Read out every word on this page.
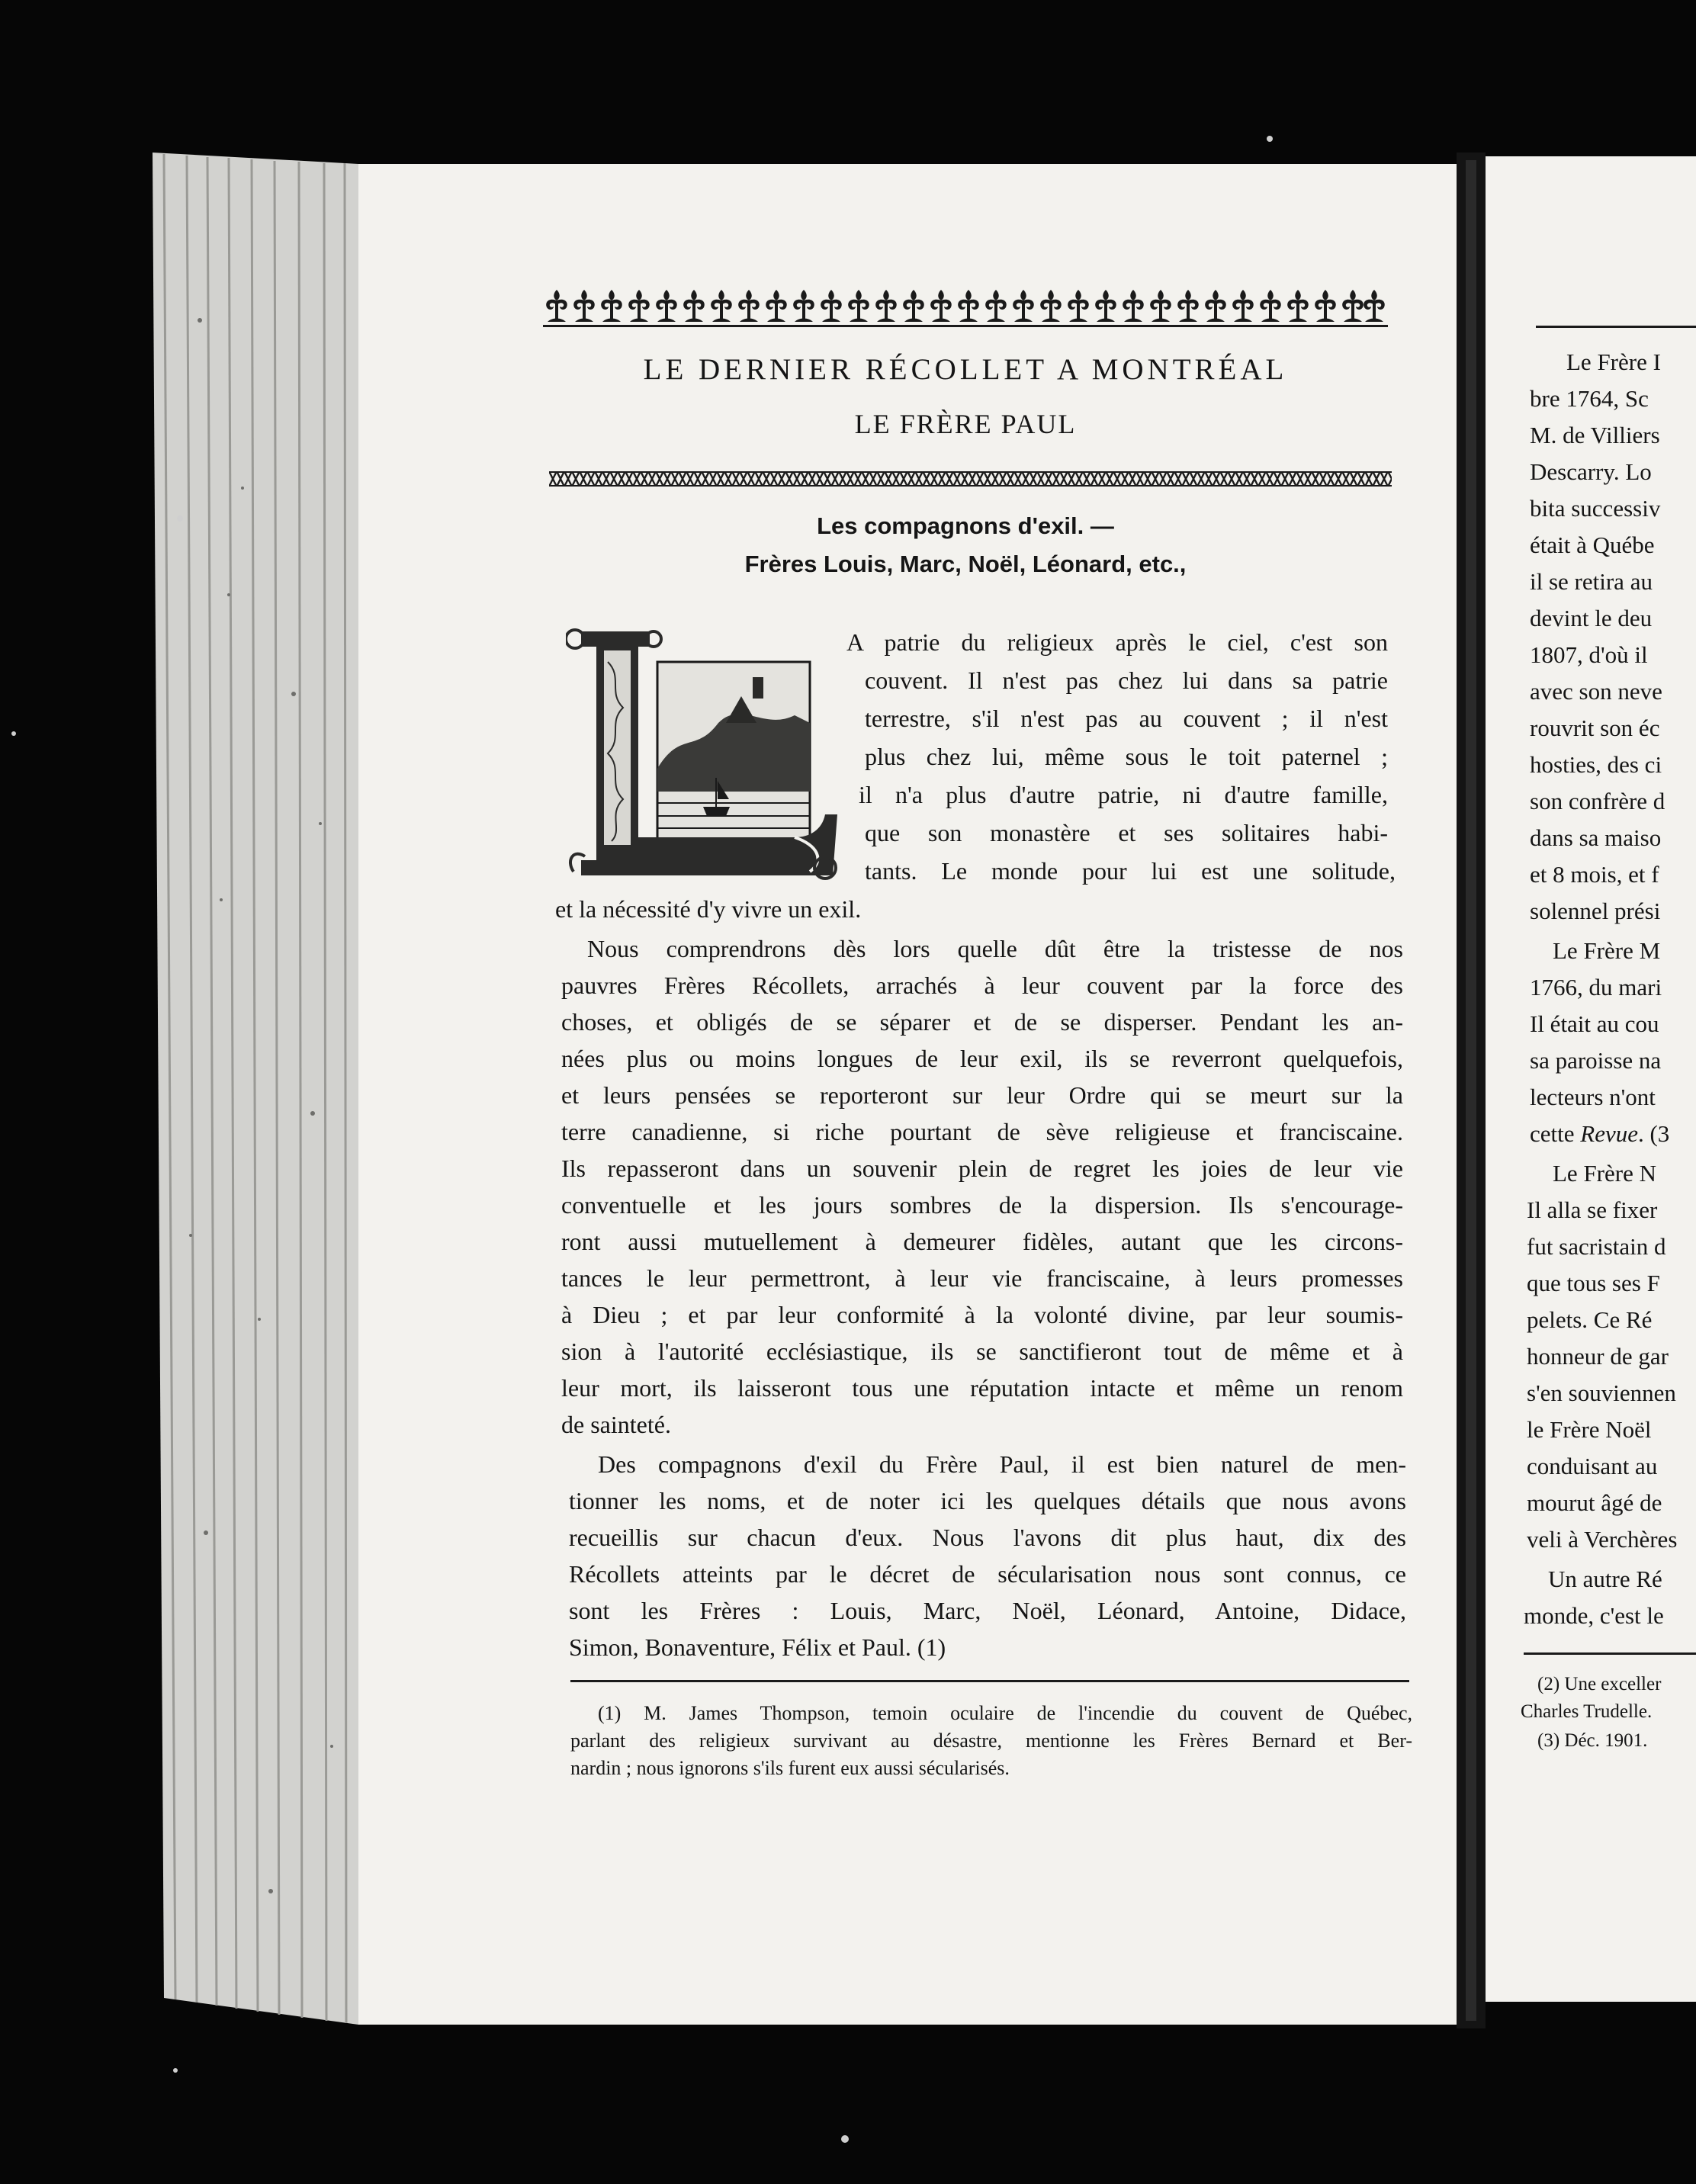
LE DERNIER RÉCOLLET A MONTRÉAL
LE FRÈRE PAUL
Les compagnons d'exil. —
Frères Louis, Marc, Noël, Léonard, etc.,
A patrie du religieux après le ciel, c'est son
couvent. Il n'est pas chez lui dans sa patrie
terrestre, s'il n'est pas au couvent ; il n'est
plus chez lui, même sous le toit paternel ;
il n'a plus d'autre patrie, ni d'autre famille,
que son monastère et ses solitaires habi-
tants. Le monde pour lui est une solitude,
et la nécessité d'y vivre un exil.
Nous comprendrons dès lors quelle dût être la tristesse de nos
pauvres Frères Récollets, arrachés à leur couvent par la force des
choses, et obligés de se séparer et de se disperser. Pendant les an-
nées plus ou moins longues de leur exil, ils se reverront quelquefois,
et leurs pensées se reporteront sur leur Ordre qui se meurt sur la
terre canadienne, si riche pourtant de sève religieuse et franciscaine.
Ils repasseront dans un souvenir plein de regret les joies de leur vie
conventuelle et les jours sombres de la dispersion. Ils s'encourage-
ront aussi mutuellement à demeurer fidèles, autant que les circons-
tances le leur permettront, à leur vie franciscaine, à leurs promesses
à Dieu ; et par leur conformité à la volonté divine, par leur soumis-
sion à l'autorité ecclésiastique, ils se sanctifieront tout de même et à
leur mort, ils laisseront tous une réputation intacte et même un renom
de sainteté.
Des compagnons d'exil du Frère Paul, il est bien naturel de men-
tionner les noms, et de noter ici les quelques détails que nous avons
recueillis sur chacun d'eux. Nous l'avons dit plus haut, dix des
Récollets atteints par le décret de sécularisation nous sont connus, ce
sont les Frères : Louis, Marc, Noël, Léonard, Antoine, Didace,
Simon, Bonaventure, Félix et Paul. (1)
(1) M. James Thompson, temoin oculaire de l'incendie du couvent de Québec,
parlant des religieux survivant au désastre, mentionne les Frères Bernard et Ber-
nardin ; nous ignorons s'ils furent eux aussi sécularisés.
Le Frère I
bre 1764, Sc
M. de Villiers
Descarry. Lo
bita successiv
était à Québe
il se retira au
devint le deu
1807, d'où il
avec son neve
rouvrit son éc
hosties, des ci
son confrère d
dans sa maiso
et 8 mois, et f
solennel prési
Le Frère M
1766, du mari
Il était au cou
sa paroisse na
lecteurs n'ont
cette Revue. (3
Le Frère N
Il alla se fixer
fut sacristain d
que tous ses F
pelets. Ce Ré
honneur de gar
s'en souviennen
le Frère Noël
conduisant au
mourut âgé de
veli à Verchères
Un autre Ré
monde, c'est le
(2) Une exceller
Charles Trudelle.
(3) Déc. 1901.
